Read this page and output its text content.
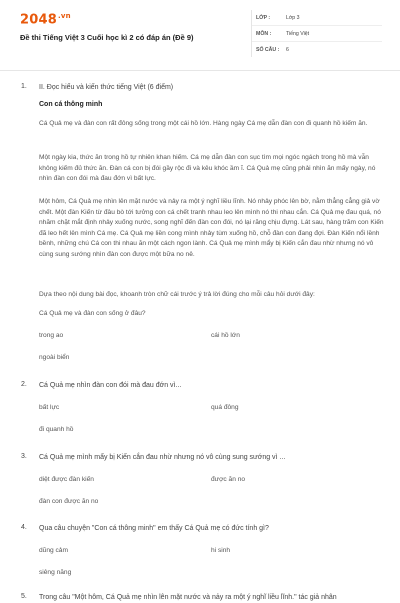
$2048^{.vn}$
Đề thi Tiếng Việt 3 Cuối học kì 2 có đáp án (Đề 9)
LỚP :	Lớp 3
MÔN :	Tiếng Việt
SỐ CÂU :	6
1. II. Đọc hiểu và kiến thức tiếng Việt (6 điểm)
Con cá thông minh
Cá Quả mẹ và đàn con rất đông sống trong một cái hồ lớn. Hàng ngày Cá mẹ dẫn đàn con đi quanh hồ kiếm ăn.
Một ngày kia, thức ăn trong hồ tự nhiên khan hiếm. Cá mẹ dẫn đàn con sục tìm mọi ngóc ngách trong hồ mà vẫn không kiếm đủ thức ăn. Đàn cá con bị đói gầy rộc đi và kêu khóc ầm ĩ. Cá Quả mẹ cũng phải nhìn ăn mấy ngày, nó nhìn đàn con đói mà đau đớn vì bất lực.
Một hôm, Cá Quả mẹ nhìn lên mặt nước và nảy ra một ý nghĩ liều lĩnh. Nó nhảy phóc lên bờ, nằm thẳng cẳng giả vờ chết. Một đàn Kiến từ đâu bò tới tưởng con cá chết tranh nhau leo lên mình nó thi nhau cắn. Cá Quả mẹ đau quá, nó nhăm chặt mắt định nhảy xuống nước, song nghĩ đến đàn con đói, nó lại răng chịu đựng. Lát sau, hàng trăm con Kiến đã leo hết lên mình Cá mẹ. Cá Quả mẹ liền cong mình nhảy tùm xuống hồ, chỗ đàn con đang đợi. Đàn Kiến nổi lềnh bềnh, những chú Cá con thi nhau ăn một cách ngon lành. Cá Quả mẹ mình mẩy bị Kiến cắn đau nhừ nhưng nó vô cùng sung sướng nhìn đàn con được một bữa no nê.
Dựa theo nội dung bài đọc, khoanh tròn chữ cái trước ý trả lời đúng cho mỗi câu hỏi dưới đây:
Cá Quả mẹ và đàn con sống ở đâu?
trong ao	cái hồ lớn
ngoài biển
2. Cá Quả mẹ nhìn đàn con đói mà đau đớn vì...
bất lực	quá đông
đi quanh hồ
3. Cá Quả mẹ mình mẩy bị Kiến cắn đau nhừ nhưng nó vô cùng sung sướng vì ...
diệt được đàn kiến	được ăn no
đàn con được ăn no
4. Qua câu chuyện "Con cá thông minh" em thấy Cá Quả mẹ có đức tính gì?
dũng cảm	hi sinh
siêng năng
5. Trong câu "Một hôm, Cá Quả mẹ nhìn lên mặt nước và nảy ra một ý nghĩ liều lĩnh." tác giả nhân
